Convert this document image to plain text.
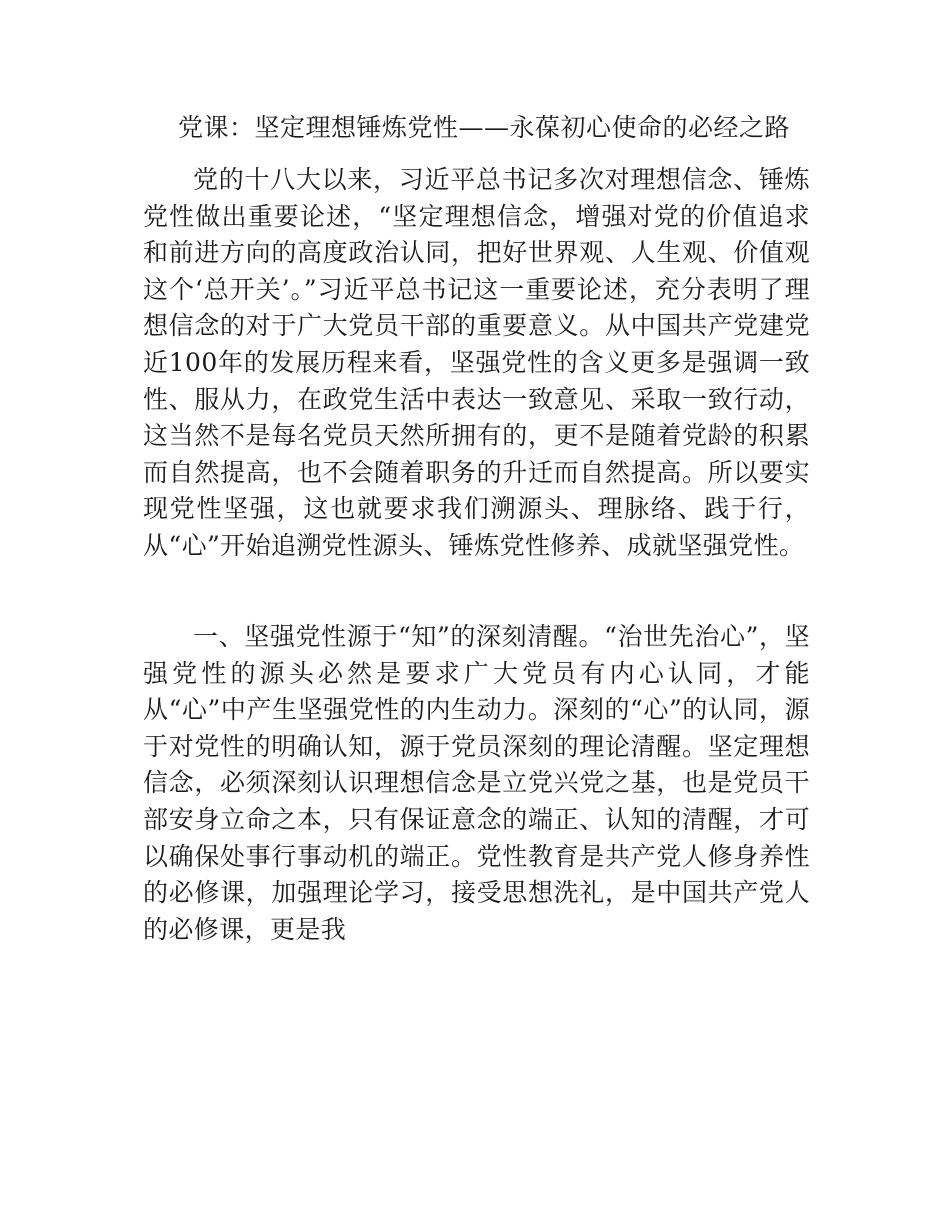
党课：坚定理想锤炼党性——永葆初心使命的必经之路

党的十八大以来，习近平总书记多次对理想信念、锤炼党性做出重要论述，“坚定理想信念，增强对党的价值追求和前进方向的高度政治认同，把好世界观、人生观、价值观这个‘总开关’。”习近平总书记这一重要论述，充分表明了理想信念的对于广大党员干部的重要意义。从中国共产党建党近100年的发展历程来看，坚强党性的含义更多是强调一致性、服从力，在政党生活中表达一致意见、采取一致行动，这当然不是每名党员天然所拥有的，更不是随着党龄的积累而自然提高，也不会随着职务的升迁而自然提高。所以要实现党性坚强，这也就要求我们溯源头、理脉络、践于行，从“心”开始追溯党性源头、锤炼党性修养、成就坚强党性。

一、坚强党性源于“知”的深刻清醒。“治世先治心”，坚强党性的源头必然是要求广大党员有内心认同，才能从“心”中产生坚强党性的内生动力。深刻的“心”的认同，源于对党性的明确认知，源于党员深刻的理论清醒。坚定理想信念，必须深刻认识理想信念是立党兴党之基，也是党员干部安身立命之本，只有保证意念的端正、认知的清醒，才可以确保处事行事动机的端正。党性教育是共产党人修身养性的必修课，加强理论学习，接受思想洗礼，是中国共产党人的必修课，更是我
